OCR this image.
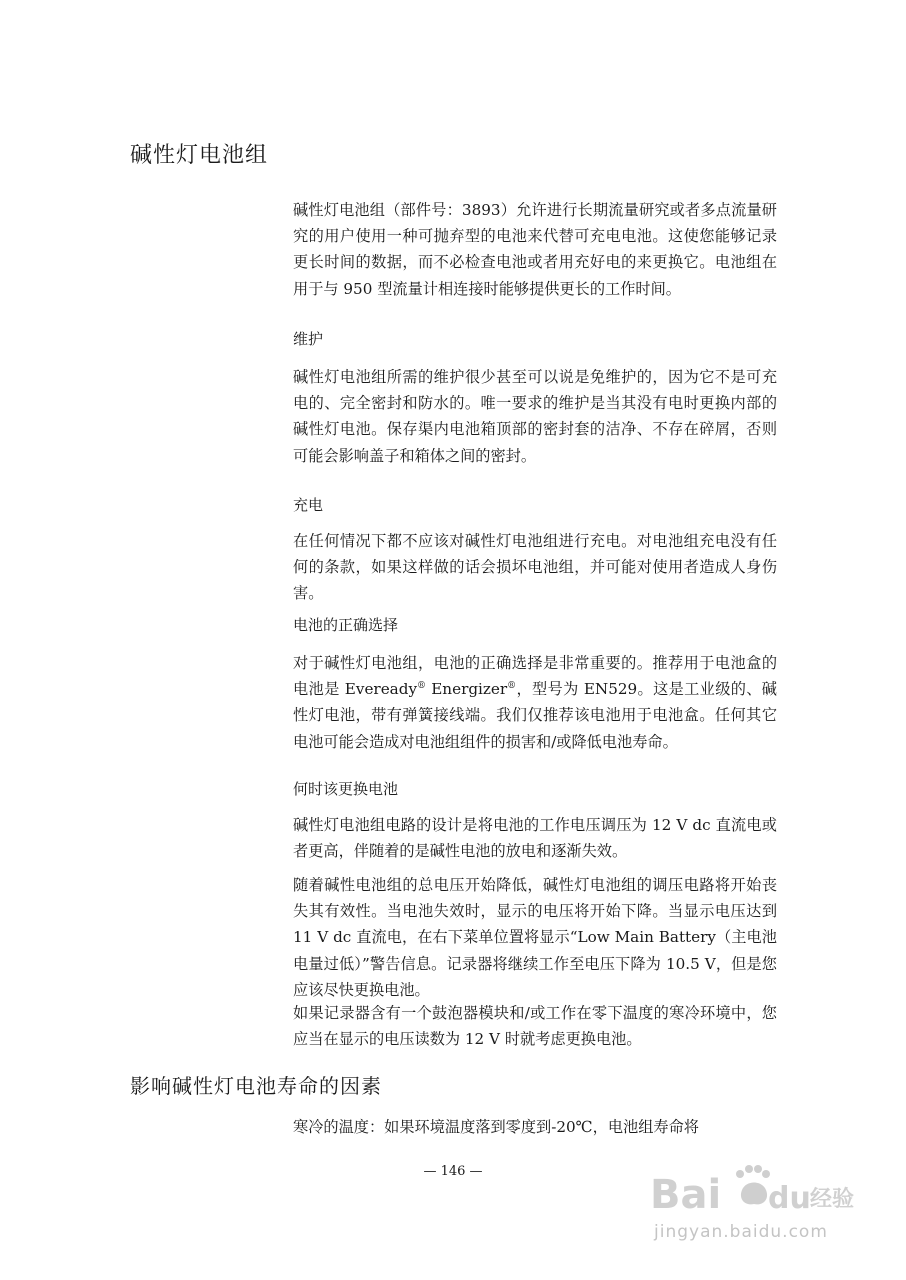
碱性灯电池组

碱性灯电池组（部件号：3893）允许进行长期流量研究或者多点流量研究的用户使用一种可抛弃型的电池来代替可充电电池。这使您能够记录更长时间的数据，而不必检查电池或者用充好电的来更换它。电池组在用于与 950 型流量计相连接时能够提供更长的工作时间。

维护

碱性灯电池组所需的维护很少甚至可以说是免维护的，因为它不是可充电的、完全密封和防水的。唯一要求的维护是当其没有电时更换内部的碱性灯电池。保存渠内电池箱顶部的密封套的洁净、不存在碎屑，否则可能会影响盖子和箱体之间的密封。

充电

在任何情况下都不应该对碱性灯电池组进行充电。对电池组充电没有任何的条款，如果这样做的话会损坏电池组，并可能对使用者造成人身伤害。

电池的正确选择

对于碱性灯电池组，电池的正确选择是非常重要的。推荐用于电池盒的电池是 Eveready® Energizer®，型号为 EN529。这是工业级的、碱性灯电池，带有弹簧接线端。我们仅推荐该电池用于电池盒。任何其它电池可能会造成对电池组组件的损害和/或降低电池寿命。

何时该更换电池

碱性灯电池组电路的设计是将电池的工作电压调压为 12 V dc 直流电或者更高，伴随着的是碱性电池的放电和逐渐失效。

随着碱性电池组的总电压开始降低，碱性灯电池组的调压电路将开始丧失其有效性。当电池失效时，显示的电压将开始下降。当显示电压达到 11 V dc 直流电，在右下菜单位置将显示“Low Main Battery（主电池电量过低）”警告信息。记录器将继续工作至电压下降为 10.5 V，但是您应该尽快更换电池。

如果记录器含有一个鼓泡器模块和/或工作在零下温度的寒冷环境中，您应当在显示的电压读数为 12 V 时就考虑更换电池。

影响碱性灯电池寿命的因素

寒冷的温度：如果环境温度落到零度到-20℃，电池组寿命将

— 146 —
Bai du 经验
jingyan.baidu.com
